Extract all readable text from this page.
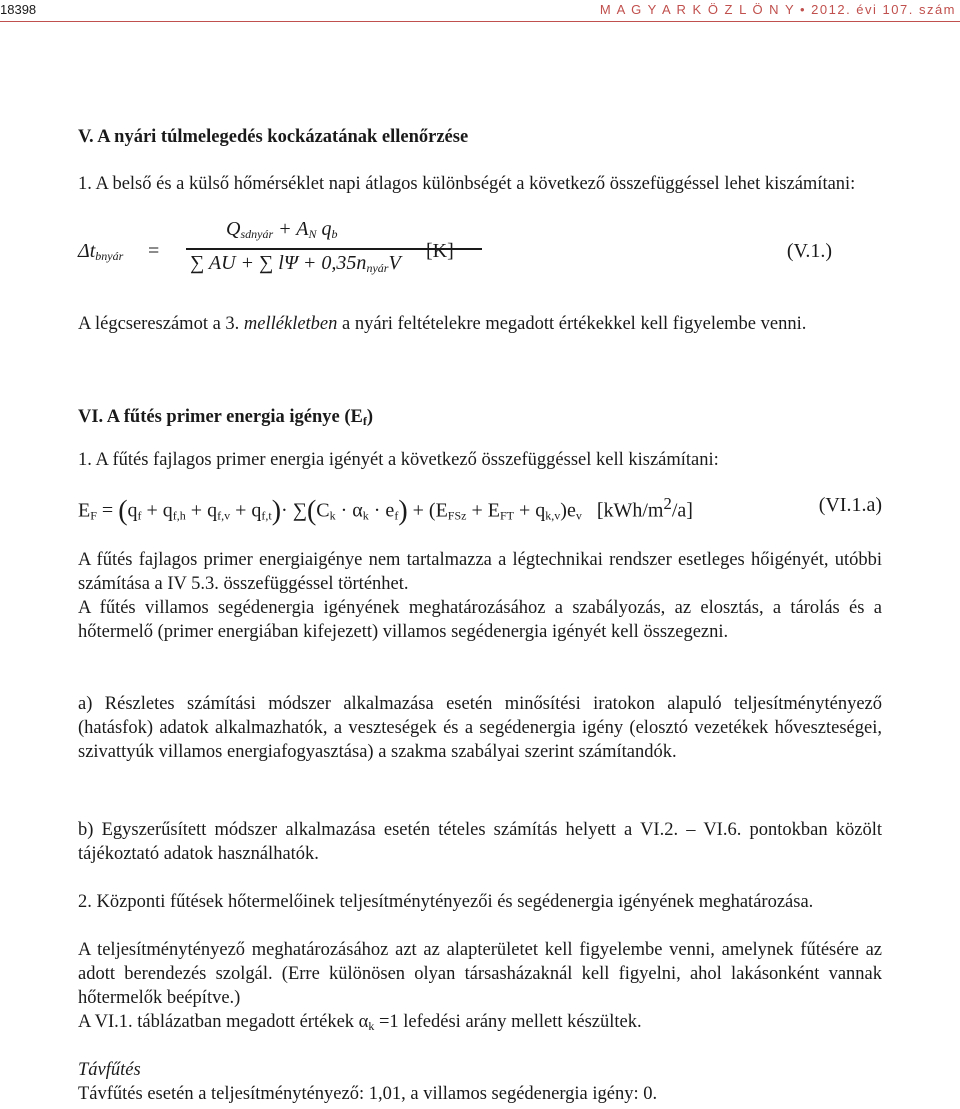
18398	M A G Y A R K Ö Z L Ö N Y • 2012. évi 107. szám
V. A nyári túlmelegedés kockázatának ellenőrzése
1. A belső és a külső hőmérséklet napi átlagos különbségét a következő összefüggéssel lehet kiszámítani:
$\Delta t_{bnyár}$ =
$Q_{sdnyár} + A_N$ $q_b$
∑ AU + ∑ $l\Psi + 0,35n_{nyár}V$
[K]	(V.1.)
A légcsereszámot a 3. mellékletben a nyári feltételekre megadott értékekkel kell figyelembe venni.
VI. A fűtés primer energia igénye $(E_f)$
1. A fűtés fajlagos primer energia igényét a következő összefüggéssel kell kiszámítani:
$E_F = (q_f + q_{f,h} + q_{f,v} + q_{f,t})\cdot \sum(C_k \cdot \alpha_k \cdot e_f) + (E_{FSz} + E_{FT} + q_{k,v})e_v$   $[kWh/m^2/a]$	(VI.1.a)
A fűtés fajlagos primer energiaigénye nem tartalmazza a légtechnikai rendszer esetleges hőigényét, utóbbi számítása a IV 5.3. összefüggéssel történhet.
A fűtés villamos segédenergia igényének meghatározásához a szabályozás, az elosztás, a tárolás és a hőtermelő (primer energiában kifejezett) villamos segédenergia igényét kell összegezni.
a) Részletes számítási módszer alkalmazása esetén minősítési iratokon alapuló teljesítménytényező (hatásfok) adatok alkalmazhatók, a veszteségek és a segédenergia igény (elosztó vezetékek hőveszteségei, szivattyúk villamos energiafogyasztása) a szakma szabályai szerint számítandók.
b) Egyszerűsített módszer alkalmazása esetén tételes számítás helyett a VI.2. – VI.6. pontokban közölt tájékoztató adatok használhatók.
2. Központi fűtések hőtermelőinek teljesítménytényezői és segédenergia igényének meghatározása.
A teljesítménytényező meghatározásához azt az alapterületet kell figyelembe venni, amelynek fűtésére az adott berendezés szolgál. (Erre különösen olyan társasházaknál kell figyelni, ahol lakásonként vannak hőtermelők beépítve.)
A VI.1. táblázatban megadott értékek $\alpha_k =1$ lefedési arány mellett készültek.
Távfűtés
Távfűtés esetén a teljesítménytényező: 1,01, a villamos segédenergia igény: 0.
